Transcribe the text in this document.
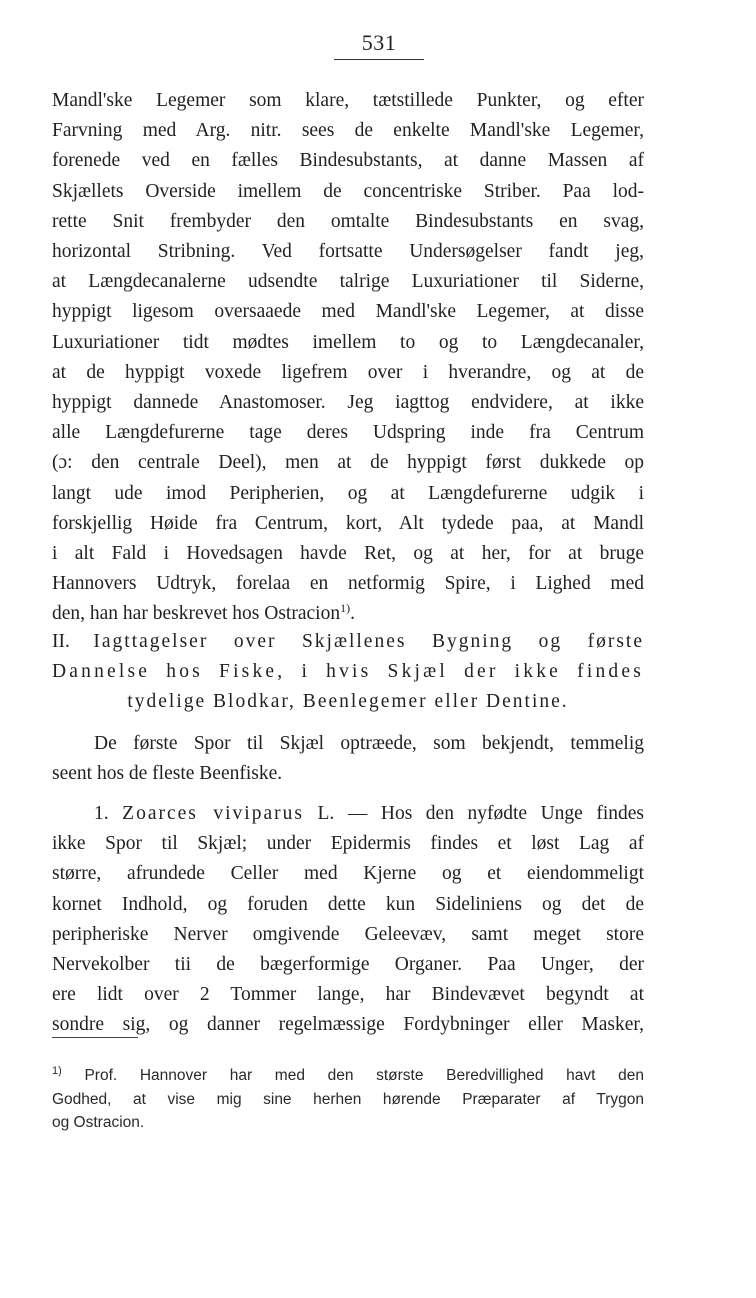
531
Mandl'ske Legemer som klare, tætstillede Punkter, og efter
Farvning med Arg. nitr. sees de enkelte Mandl'ske Legemer,
forenede ved en fælles Bindesubstants, at danne Massen af
Skjællets Overside imellem de concentriske Striber. Paa lod-
rette Snit frembyder den omtalte Bindesubstants en svag,
horizontal Stribning. Ved fortsatte Undersøgelser fandt jeg,
at Længdecanalerne udsendte talrige Luxuriationer til Siderne,
hyppigt ligesom oversaaede med Mandl'ske Legemer, at disse
Luxuriationer tidt mødtes imellem to og to Længdecanaler,
at de hyppigt voxede ligefrem over i hverandre, og at de
hyppigt dannede Anastomoser. Jeg iagttog endvidere, at ikke
alle Længdefurerne tage deres Udspring inde fra Centrum
(ɔ: den centrale Deel), men at de hyppigt først dukkede op
langt ude imod Peripherien, og at Længdefurerne udgik i
forskjellig Høide fra Centrum, kort, Alt tydede paa, at Mandl
i alt Fald i Hovedsagen havde Ret, og at her, for at bruge
Hannovers Udtryk, forelaa en netformig Spire, i Lighed med
den, han har beskrevet hos Ostracion$^{1)}$.
II. Iagttagelser over Skjællenes Bygning og første
Dannelse hos Fiske, i hvis Skjæl der ikke findes
tydelige Blodkar, Beenlegemer eller Dentine.
De første Spor til Skjæl optræede, som bekjendt, temmelig
seent hos de fleste Beenfiske.
1. Zoarces viviparus L. — Hos den nyfødte Unge findes
ikke Spor til Skjæl; under Epidermis findes et løst Lag af
større, afrundede Celler med Kjerne og et eiendommeligt
kornet Indhold, og foruden dette kun Sideliniens og det de
peripheriske Nerver omgivende Geleevæv, samt meget store
Nervekolber tii de bægerformige Organer. Paa Unger, der
ere lidt over 2 Tommer lange, har Bindevævet begyndt at
sondre sig, og danner regelmæssige Fordybninger eller Masker,
$^{1)}$ Prof. Hannover har med den største Beredvillighed havt den
Godhed, at vise mig sine herhen hørende Præparater af Trygon
og Ostracion.
